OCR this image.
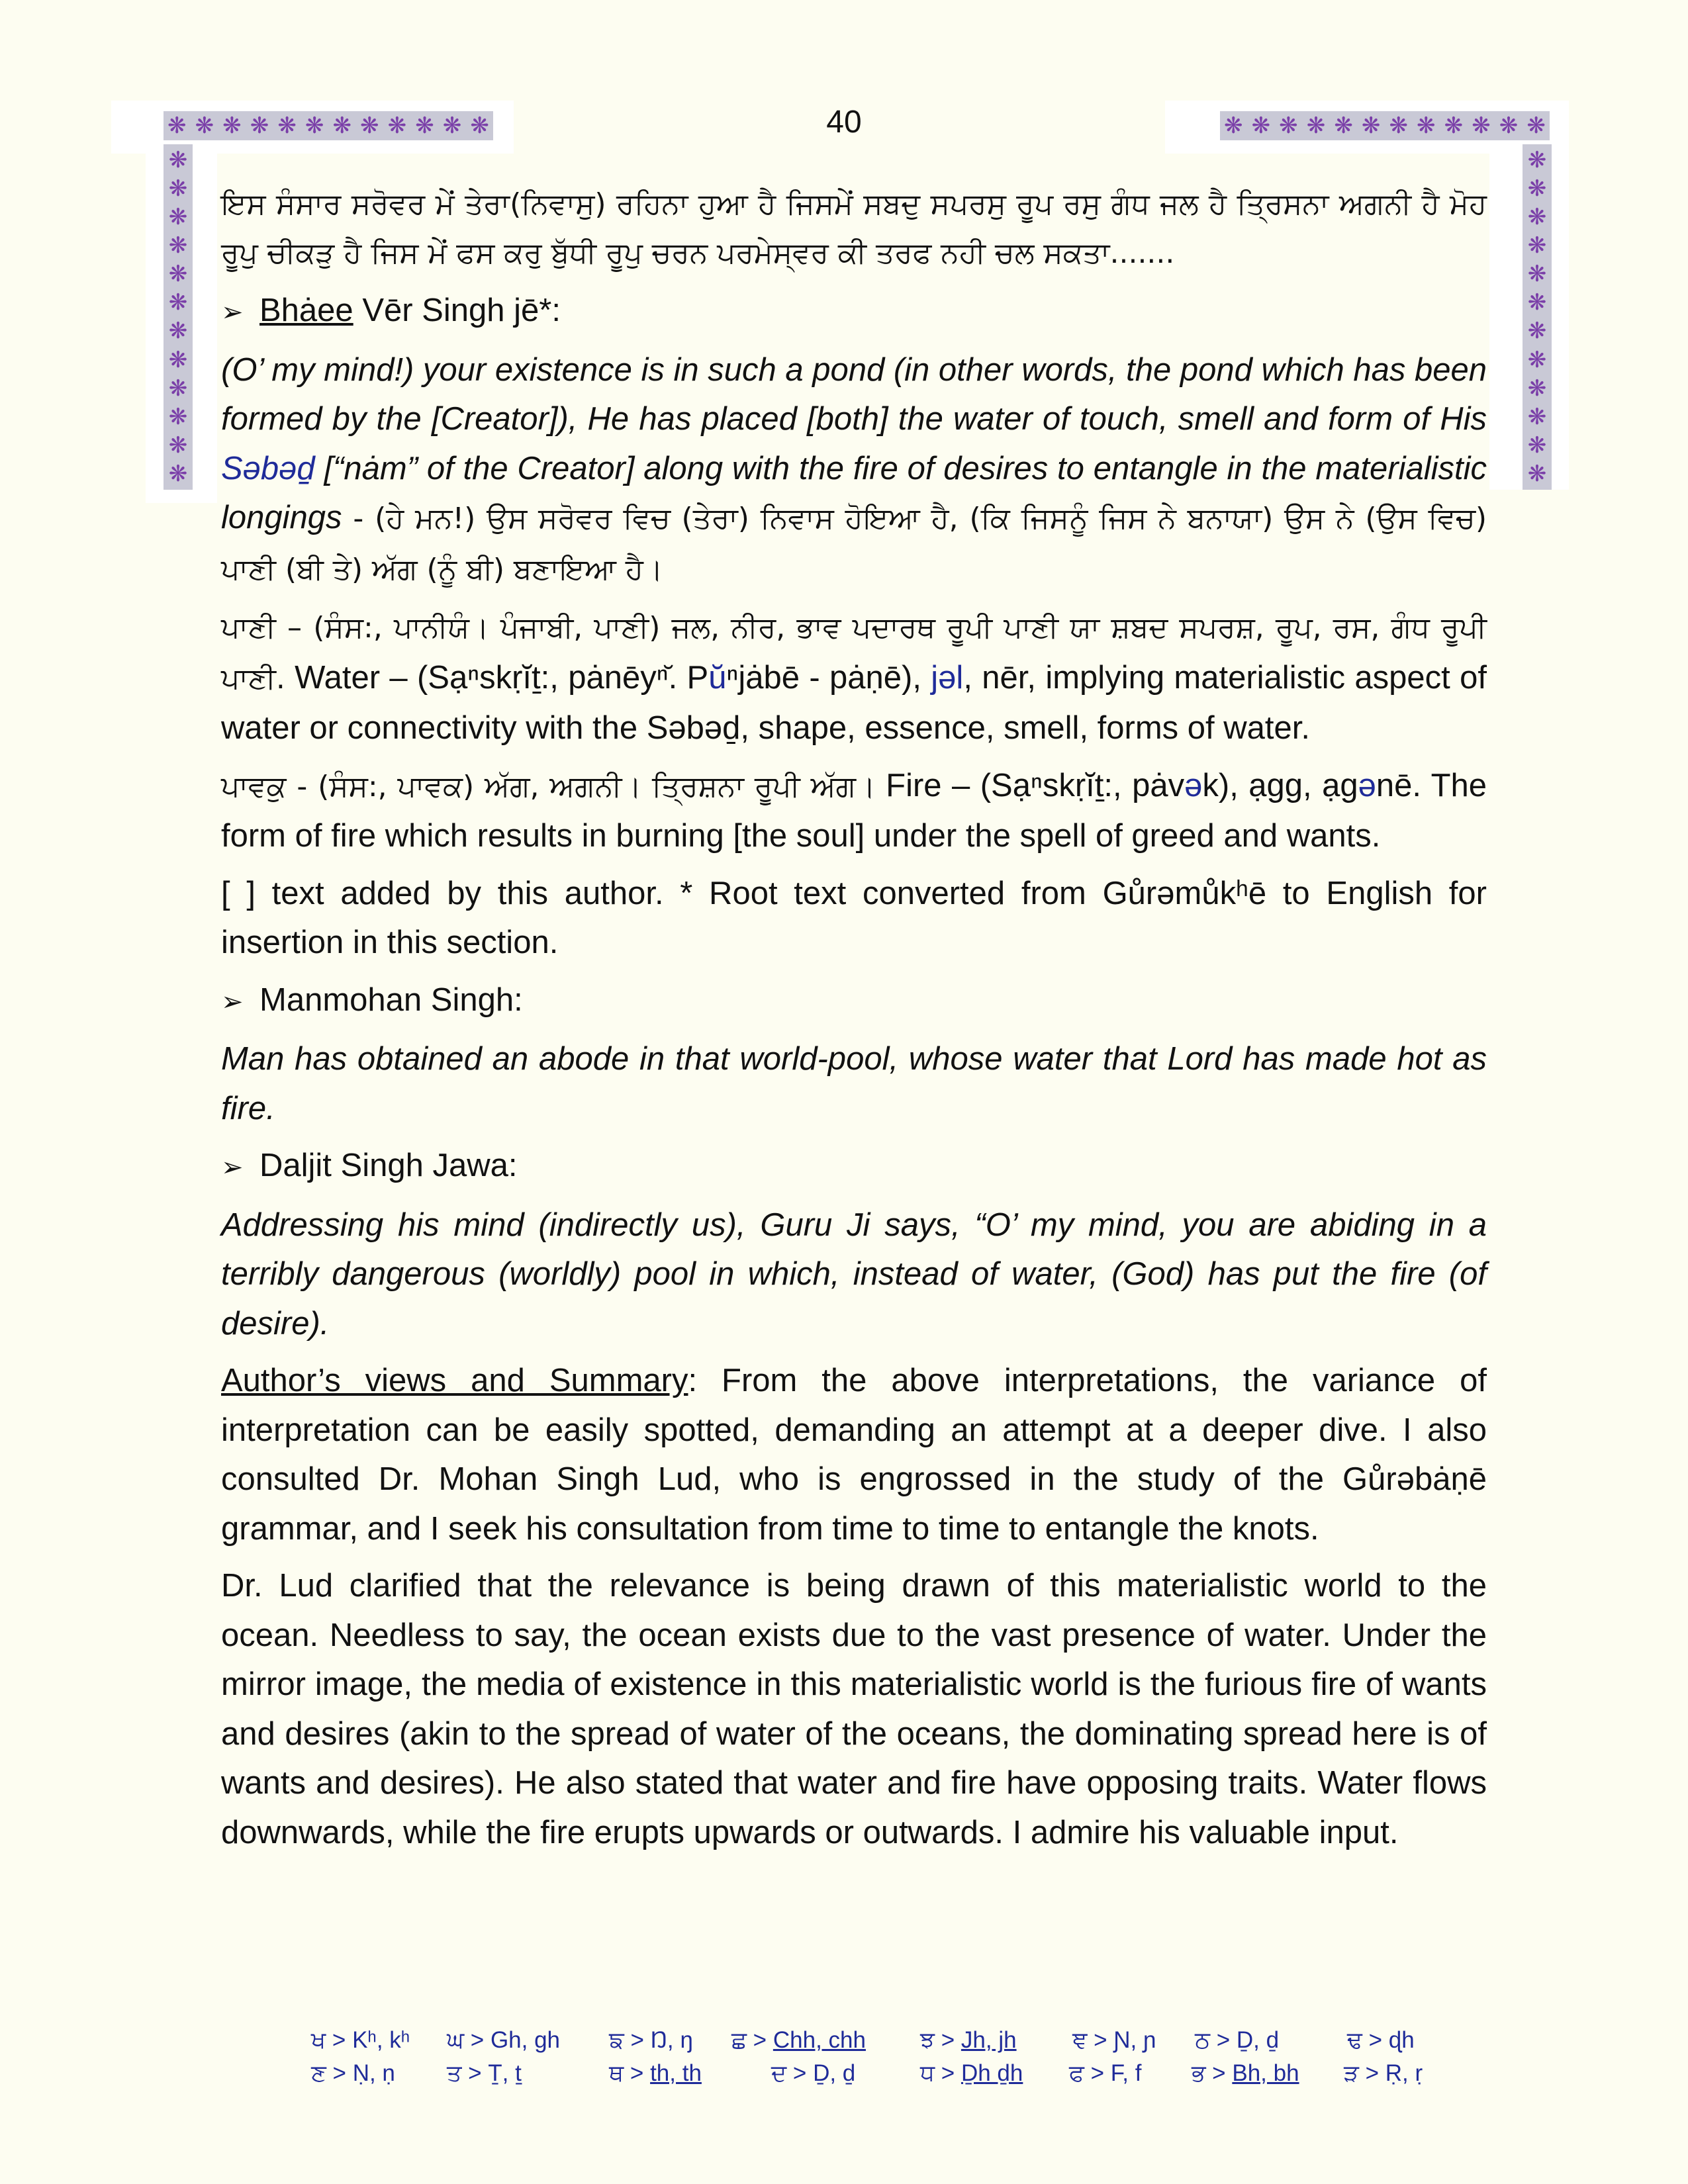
❋ ❋ ❋ ❋ ❋ ❋ ❋ ❋ ❋ ❋ ❋ ❋	❋ ❋ ❋ ❋ ❋ ❋ ❋ ❋ ❋ ❋ ❋ ❋
❋
❋
❋
❋
❋
❋
❋
❋
❋
❋
❋
❋
❋
❋
❋
❋
❋
❋
❋
❋
❋
❋
❋
❋
40

ਇਸ ਸੰਸਾਰ ਸਰੋਵਰ ਮੇਂ ਤੇਰਾ(ਨਿਵਾਸੁ) ਰਹਿਨਾ ਹੁਆ ਹੈ ਜਿਸਮੇਂ ਸਬਦੁ ਸਪਰਸੁ ਰੂਪ ਰਸੁ ਗੰਧ ਜਲ ਹੈ ਤ੍ਰਿਸਨਾ ਅਗਨੀ ਹੈ ਮੋਹ ਰੂਪੁ ਚੀਕੜੁ ਹੈ ਜਿਸ ਮੇਂ ਫਸ ਕਰੁ ਬੁੱਧੀ ਰੂਪੁ ਚਰਨ ਪਰਮੇਸ੍ਵਰ ਕੀ ਤਰਫ ਨਹੀ ਚਲ ਸਕਤਾ.......

➢ Bhȧee Vēr Singh jē*:

(O’ my mind!) your existence is in such a pond (in other words, the pond which has been formed by the [Creator]), He has placed [both] the water of touch, smell and form of His Səbəḏ [“nȧm” of the Creator] along with the fire of desires to entangle in the materialistic longings - (ਹੇ ਮਨ!) ਉਸ ਸਰੋਵਰ ਵਿਚ (ਤੇਰਾ) ਨਿਵਾਸ ਹੋਇਆ ਹੈ, (ਕਿ ਜਿਸਨੂੰ ਜਿਸ ਨੇ ਬਨਾਯਾ) ਉਸ ਨੇ (ਉਸ ਵਿਚ) ਪਾਣੀ (ਬੀ ਤੇ) ਅੱਗ (ਨੂੰ ਬੀ) ਬਣਾਇਆ ਹੈ।

ਪਾਣੀ – (ਸੰਸ:, ਪਾਨੀਯੰ। ਪੰਜਾਬੀ, ਪਾਣੀ) ਜਲ, ਨੀਰ, ਭਾਵ ਪਦਾਰਥ ਰੂਪੀ ਪਾਣੀ ਯਾ ਸ਼ਬਦ ਸਪਰਸ਼, ਰੂਪ, ਰਸ, ਗੰਧ ਰੂਪੀ ਪਾਣੀ. Water – (Sạⁿskṛĭṯ:, pȧnēyⁿ̆. Pŭⁿjȧbē - pȧṇē), jəl, nēr, implying materialistic aspect of water or connectivity with the Səbəḏ, shape, essence, smell, forms of water.

ਪਾਵਕੁ - (ਸੰਸ:, ਪਾਵਕ) ਅੱਗ, ਅਗਨੀ। ਤ੍ਰਿਸ਼ਨਾ ਰੂਪੀ ਅੱਗ। Fire – (Sạⁿskṛĭṯ:, pȧvək), ạgg, ạgənē. The form of fire which results in burning [the soul] under the spell of greed and wants.

[ ] text added by this author. * Root text converted from Gůrəmůkʰē to English for insertion in this section.

➢ Manmohan Singh:

Man has obtained an abode in that world-pool, whose water that Lord has made hot as fire.

➢ Daljit Singh Jawa:

Addressing his mind (indirectly us), Guru Ji says, “O’ my mind, you are abiding in a terribly dangerous (worldly) pool in which, instead of water, (God) has put the fire (of desire).

Author’s views and Summary: From the above interpretations, the variance of interpretation can be easily spotted, demanding an attempt at a deeper dive. I also consulted Dr. Mohan Singh Lud, who is engrossed in the study of the Gůrəbȧṇē grammar, and I seek his consultation from time to time to entangle the knots.

Dr. Lud clarified that the relevance is being drawn of this materialistic world to the ocean. Needless to say, the ocean exists due to the vast presence of water. Under the mirror image, the media of existence in this materialistic world is the furious fire of wants and desires (akin to the spread of water of the oceans, the dominating spread here is of wants and desires). He also stated that water and fire have opposing traits. Water flows downwards, while the fire erupts upwards or outwards. I admire his valuable input.

ਖ > Kʰ, kʰ	ਘ > Gh, gh	ਙ > Ŋ, ŋ	ਛ > Chh, chh	ਝ > Jh, jh	ਞ > Ɲ, ɲ	ਠ > Ḏ, ḏ	ਢ > ɖh
ਣ > Ṇ, ṇ	ਤ > Ṯ, ṯ	ਥ > th, th	ਦ > Ḏ, ḏ	ਧ > Ḏh ḏh	ਫ > F, f	ਭ > Bh, bh	ੜ > Ṛ, ṛ
